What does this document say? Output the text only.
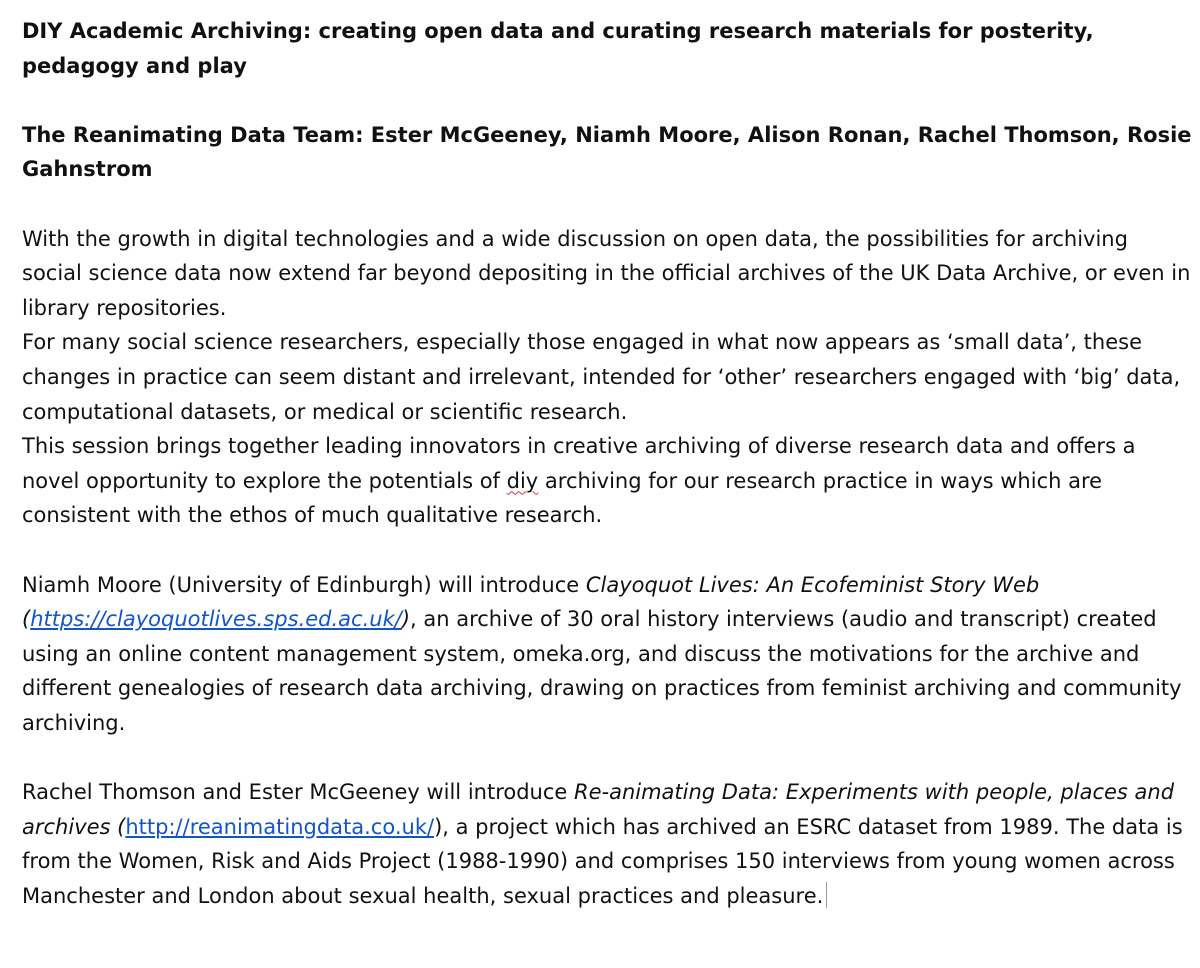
DIY Academic Archiving: creating open data and curating research materials for posterity, pedagogy and play

The Reanimating Data Team: Ester McGeeney, Niamh Moore, Alison Ronan, Rachel Thomson, Rosie Gahnstrom

With the growth in digital technologies and a wide discussion on open data, the possibilities for archiving social science data now extend far beyond depositing in the official archives of the UK Data Archive, or even in library repositories.

For many social science researchers, especially those engaged in what now appears as ‘small data’, these changes in practice can seem distant and irrelevant, intended for ‘other’ researchers engaged with ‘big’ data, computational datasets, or medical or scientific research.

This session brings together leading innovators in creative archiving of diverse research data and offers a novel opportunity to explore the potentials of diy archiving for our research practice in ways which are consistent with the ethos of much qualitative research.

Niamh Moore (University of Edinburgh) will introduce Clayoquot Lives: An Ecofeminist Story Web (https://clayoquotlives.sps.ed.ac.uk/), an archive of 30 oral history interviews (audio and transcript) created using an online content management system, omeka.org, and discuss the motivations for the archive and different genealogies of research data archiving, drawing on practices from feminist archiving and community archiving.

Rachel Thomson and Ester McGeeney will introduce Re-animating Data: Experiments with people, places and archives (http://reanimatingdata.co.uk/), a project which has archived an ESRC dataset from 1989. The data is from the Women, Risk and Aids Project (1988-1990) and comprises 150 interviews from young women across Manchester and London about sexual health, sexual practices and pleasure.
